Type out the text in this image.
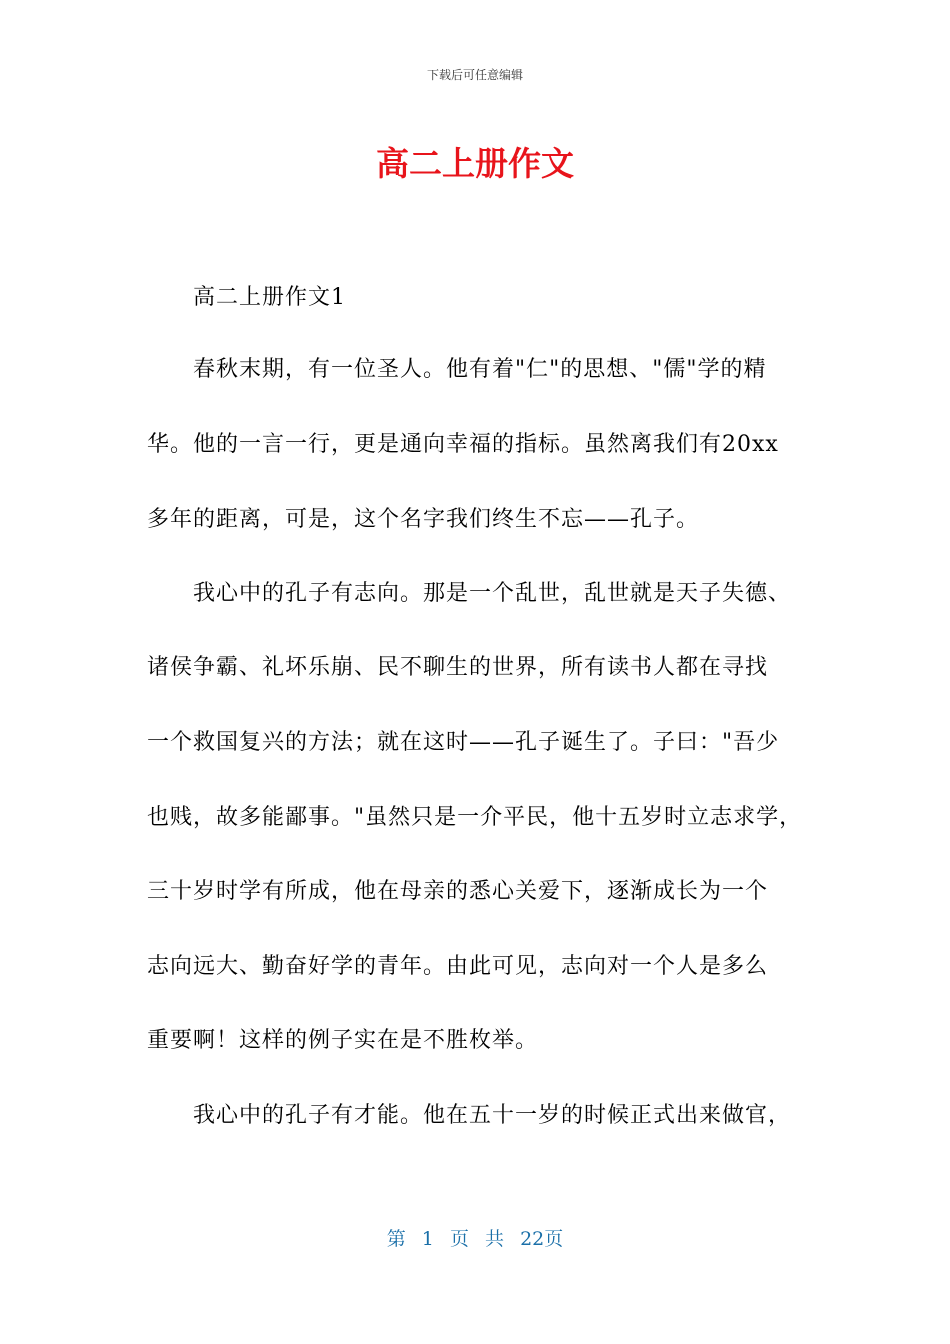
下载后可任意编辑
高二上册作文
高二上册作文1
春秋末期，有一位圣人。他有着"仁"的思想、"儒"学的精
华。他的一言一行，更是通向幸福的指标。虽然离我们有20xx
多年的距离，可是，这个名字我们终生不忘——孔子。
我心中的孔子有志向。那是一个乱世，乱世就是天子失德、
诸侯争霸、礼坏乐崩、民不聊生的世界，所有读书人都在寻找
一个救国复兴的方法；就在这时——孔子诞生了。子曰："吾少
也贱，故多能鄙事。"虽然只是一介平民，他十五岁时立志求学，
三十岁时学有所成，他在母亲的悉心关爱下，逐渐成长为一个
志向远大、勤奋好学的青年。由此可见，志向对一个人是多么
重要啊！这样的例子实在是不胜枚举。
我心中的孔子有才能。他在五十一岁的时候正式出来做官，
第 1 页 共 22页
